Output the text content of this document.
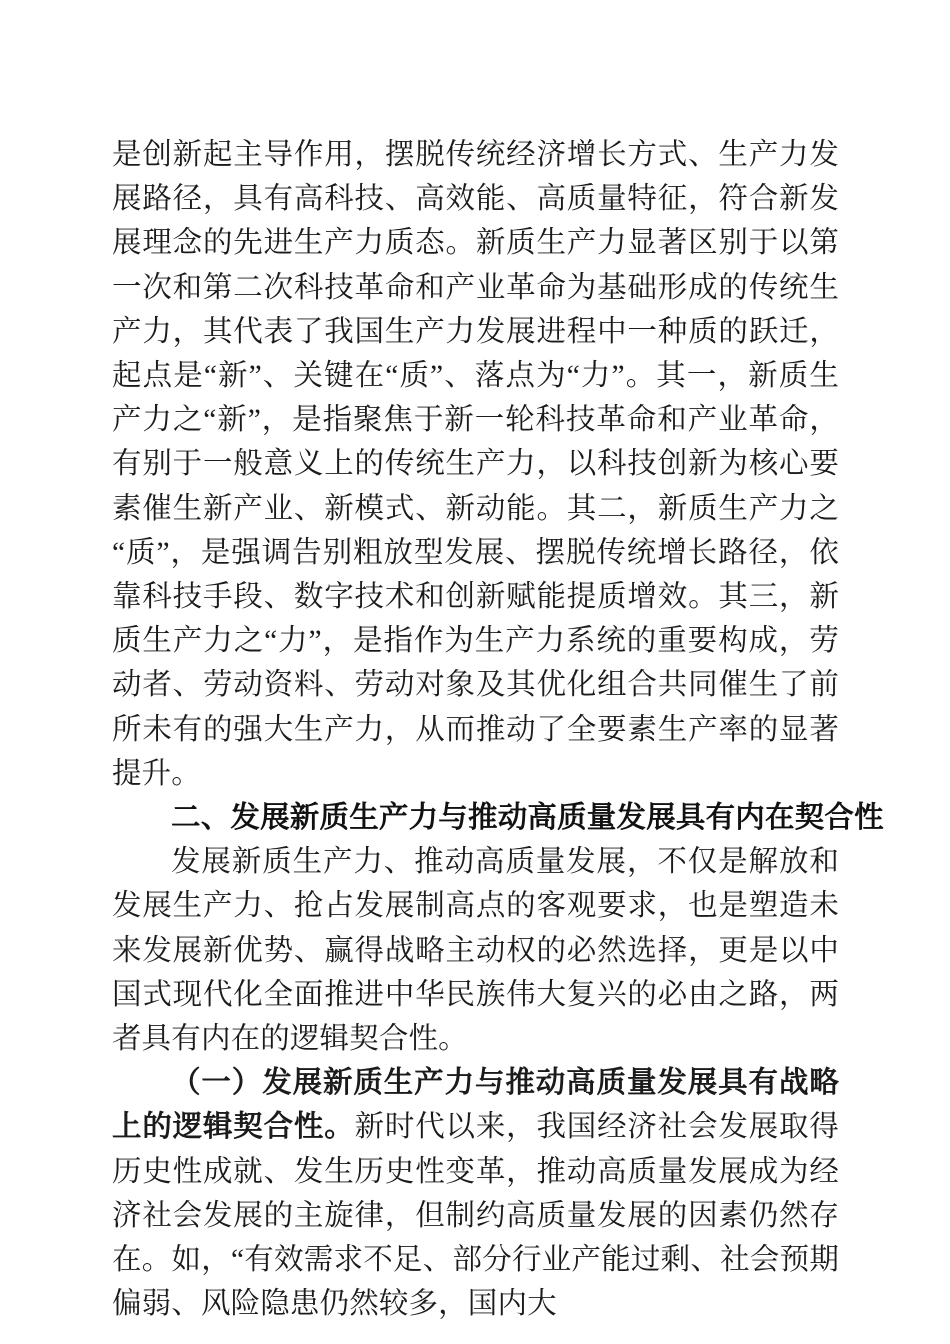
是创新起主导作用，摆脱传统经济增长方式、生产力发展路径，具有高科技、高效能、高质量特征，符合新发展理念的先进生产力质态。新质生产力显著区别于以第一次和第二次科技革命和产业革命为基础形成的传统生产力，其代表了我国生产力发展进程中一种质的跃迁，起点是“新”、关键在“质”、落点为“力”。其一，新质生产力之“新”，是指聚焦于新一轮科技革命和产业革命，有别于一般意义上的传统生产力，以科技创新为核心要素催生新产业、新模式、新动能。其二，新质生产力之“质”，是强调告别粗放型发展、摆脱传统增长路径，依靠科技手段、数字技术和创新赋能提质增效。其三，新质生产力之“力”，是指作为生产力系统的重要构成，劳动者、劳动资料、劳动对象及其优化组合共同催生了前所未有的强大生产力，从而推动了全要素生产率的显著提升。

二、发展新质生产力与推动高质量发展具有内在契合性

发展新质生产力、推动高质量发展，不仅是解放和发展生产力、抢占发展制高点的客观要求，也是塑造未来发展新优势、赢得战略主动权的必然选择，更是以中国式现代化全面推进中华民族伟大复兴的必由之路，两者具有内在的逻辑契合性。

（一）发展新质生产力与推动高质量发展具有战略上的逻辑契合性。新时代以来，我国经济社会发展取得历史性成就、发生历史性变革，推动高质量发展成为经济社会发展的主旋律，但制约高质量发展的因素仍然存在。如，“有效需求不足、部分行业产能过剩、社会预期偏弱、风险隐患仍然较多，国内大
